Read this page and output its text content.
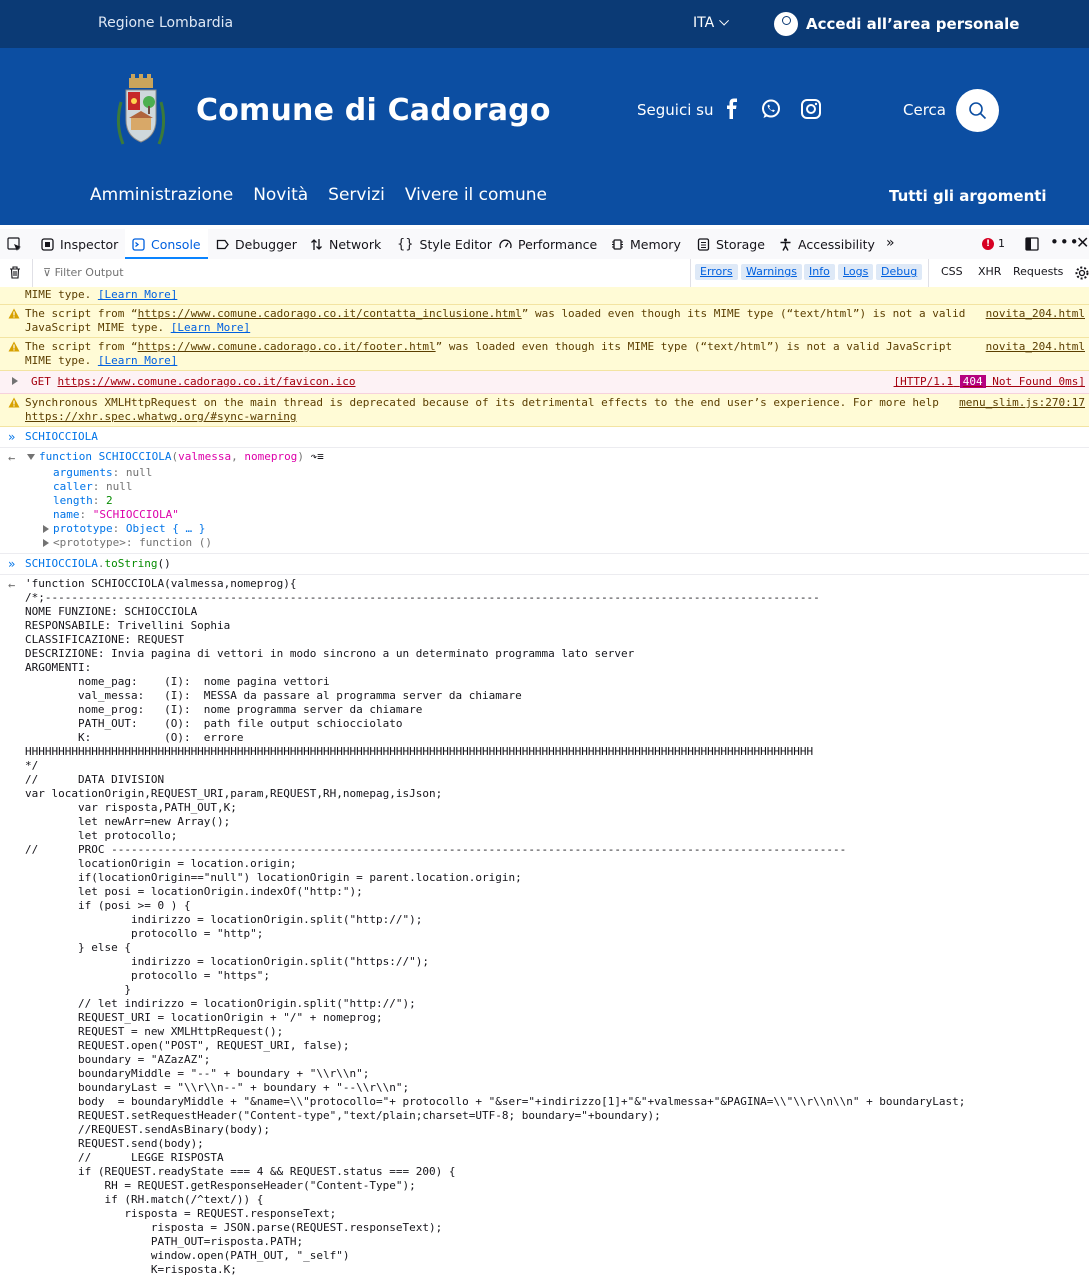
Regione Lombardia	ITA	Accedi all’area personale
Comune di Cadorago	Seguici su	Cerca
Amministrazione Novità Servizi Vivere il comune	Tutti gli argomenti
Inspector	Console	Debugger	Network {} Style Editor Performance	Memory	Storage	Accessibility »	! 1	•••
✕
⊽ Filter Output	Errors	Warnings	Info	Logs	Debug	CSS XHR Requests
MIME type. [Learn More]
The script from “https://www.comune.cadorago.co.it/contatta_inclusione.html” was loaded even though its MIME type (“text/html”) is not a valid JavaScript MIME type. [Learn More]
novita_204.html
The script from “https://www.comune.cadorago.co.it/footer.html” was loaded even though its MIME type (“text/html”) is not a valid JavaScript MIME type. [Learn More]
novita_204.html
GET https://www.comune.cadorago.co.it/favicon.ico	[HTTP/1.1 404 Not Found 0ms]
Synchronous XMLHttpRequest on the main thread is deprecated because of its detrimental effects to the end user’s experience. For more help https://xhr.spec.whatwg.org/#sync-warning
menu_slim.js:270:17
» SCHIOCCIOLA
←	function SCHIOCCIOLA(valmessa, nomeprog) ↷≡
arguments: null
caller: null
length: 2
name: "SCHIOCCIOLA"
prototype: Object { … }
<prototype>: function ()
» SCHIOCCIOLA.toString()
← 'function SCHIOCCIOLA(valmessa,nomeprog){
/*;---------------------------------------------------------------------------------------------------------------------
NOME FUNZIONE: SCHIOCCIOLA
RESPONSABILE: Trivellini Sophia
CLASSIFICAZIONE: REQUEST
DESCRIZIONE: Invia pagina di vettori in modo sincrono a un determinato programma lato server
ARGOMENTI:
nome_pag:    (I):  nome pagina vettori
val_messa:   (I):  MESSA da passare al programma server da chiamare
nome_prog:   (I):  nome programma server da chiamare
PATH_OUT:    (O):  path file output schiocciolato
K:           (O):  errore
HHHHHHHHHHHHHHHHHHHHHHHHHHHHHHHHHHHHHHHHHHHHHHHHHHHHHHHHHHHHHHHHHHHHHHHHHHHHHHHHHHHHHHHHHHHHHHHHHHHHHHHHHHHHHHHHHHHHHHH
*/
//      DATA DIVISION
var locationOrigin,REQUEST_URI,param,REQUEST,RH,nomepag,isJson;
var risposta,PATH_OUT,K;
let newArr=new Array();
let protocollo;
//      PROC ---------------------------------------------------------------------------------------------------------------
locationOrigin = location.origin;
if(locationOrigin=="null") locationOrigin = parent.location.origin;
let posi = locationOrigin.indexOf("http:");
if (posi >= 0 ) {
indirizzo = locationOrigin.split("http://");
protocollo = "http";
} else {
indirizzo = locationOrigin.split("https://");
protocollo = "https";
}
// let indirizzo = locationOrigin.split("http://");
REQUEST_URI = locationOrigin + "/" + nomeprog;
REQUEST = new XMLHttpRequest();
REQUEST.open("POST", REQUEST_URI, false);
boundary = "AZazAZ";
boundaryMiddle = "--" + boundary + "\\r\\n";
boundaryLast = "\\r\\n--" + boundary + "--\\r\\n";
body  = boundaryMiddle + "&name=\\"protocollo="+ protocollo + "&ser="+indirizzo[1]+"&"+valmessa+"&PAGINA=\\"\\r\\n\\n" + boundaryLast;
REQUEST.setRequestHeader("Content-type","text/plain;charset=UTF-8; boundary="+boundary);
//REQUEST.sendAsBinary(body);
REQUEST.send(body);
//      LEGGE RISPOSTA
if (REQUEST.readyState === 4 && REQUEST.status === 200) {
RH = REQUEST.getResponseHeader("Content-Type");
if (RH.match(/^text/)) {
risposta = REQUEST.responseText;
risposta = JSON.parse(REQUEST.responseText);
PATH_OUT=risposta.PATH;
window.open(PATH_OUT, "_self")
K=risposta.K;
